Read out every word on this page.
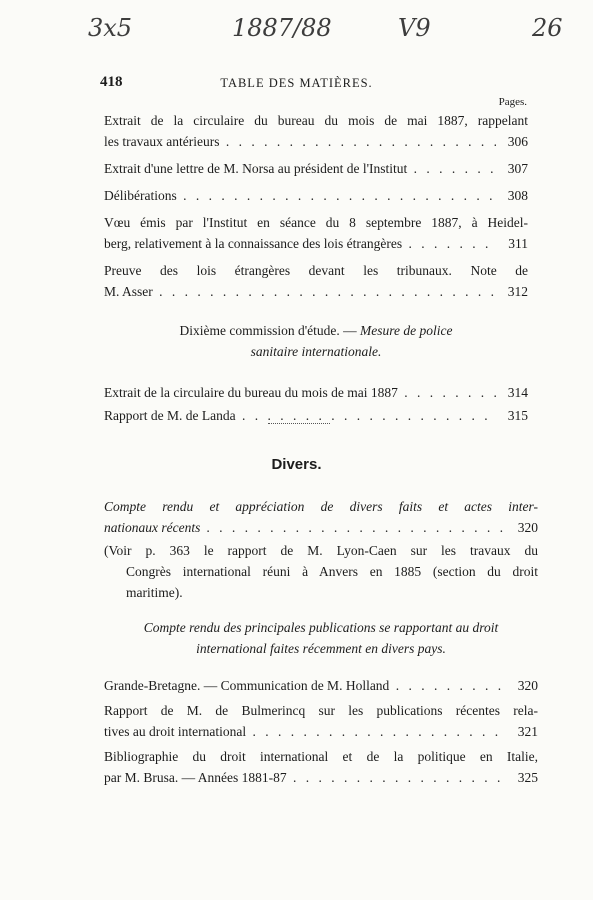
3x5	1887/88	V9	26
418	TABLE DES MATIÈRES.
Pages.
Extrait de la circulaire du bureau du mois de mai 1887, rappelant
les travaux antérieurs . . .	306
Extrait d'une lettre de M. Norsa au président de l'Institut . . .	307
Délibérations . . .	308
Vœu émis par l'Institut en séance du 8 septembre 1887, à Heidel-
berg, relativement à la connaissance des lois étrangères . . .	311
Preuve des lois étrangères devant les tribunaux. Note de
M. Asser . . .	312
Dixième commission d'étude. — Mesure de police
sanitaire internationale.
Extrait de la circulaire du bureau du mois de mai 1887 . . .	314
Rapport de M. de Landa . . .	315
Divers.
Compte rendu et appréciation de divers faits et actes inter-
nationaux récents . . .	320
(Voir p. 363 le rapport de M. Lyon-Caen sur les travaux du
Congrès international réuni à Anvers en 1885 (section du droit
maritime).
Compte rendu des principales publications se rapportant au droit
international faites récemment en divers pays.
Grande-Bretagne. — Communication de M. Holland . . .	320
Rapport de M. de Bulmerincq sur les publications récentes rela-
tives au droit international . . .	321
Bibliographie du droit international et de la politique en Italie,
par M. Brusa. — Années 1881-87 . . .	325
